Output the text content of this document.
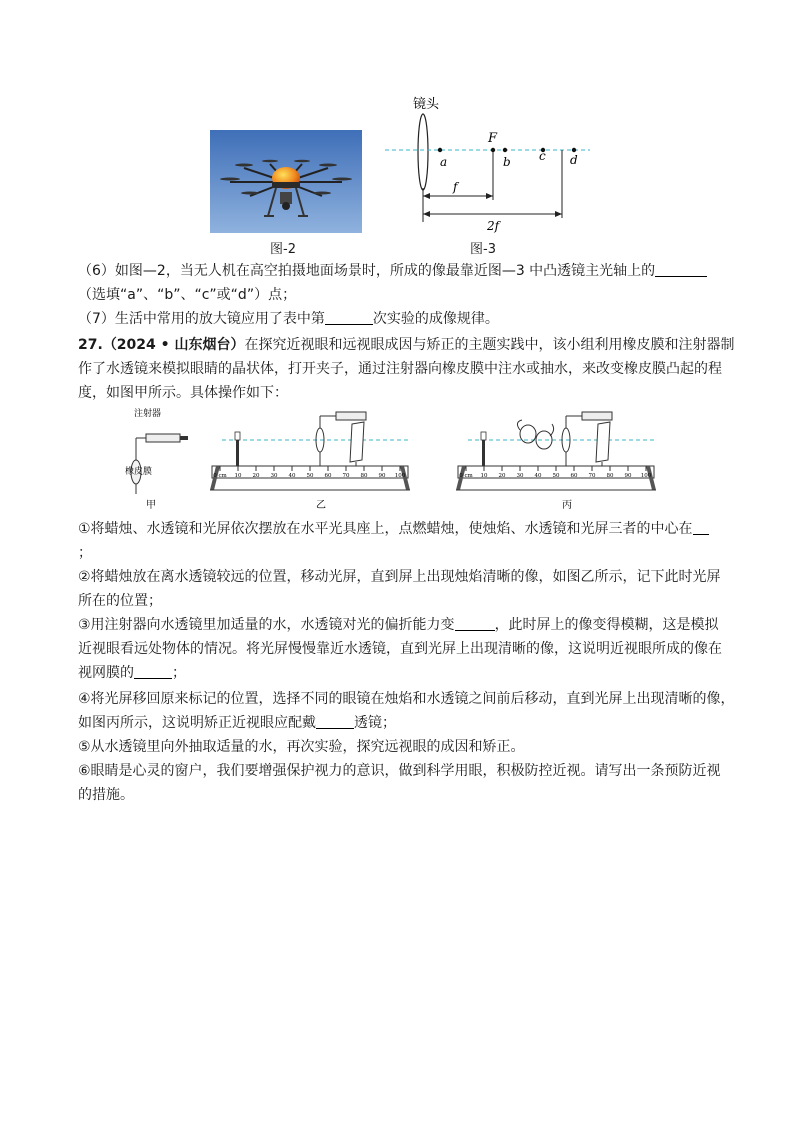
图-2
镜头
F
a	b c d
f
2f
图-3
（6）如图—2，当无人机在高空拍摄地面场景时，所成的像最靠近图—3 中凸透镜主光轴上的
（选填“a”、“b”、“c”或“d”）点；
（7）生活中常用的放大镜应用了表中第	次实验的成像规律。
27.（2024 • 山东烟台）在探究近视眼和远视眼成因与矫正的主题实践中，该小组利用橡皮膜和注射器制
作了水透镜来模拟眼睛的晶状体，打开夹子，通过注射器向橡皮膜中注水或抽水，来改变橡皮膜凸起的程
度，如图甲所示。具体操作如下：
注射器
橡皮膜
甲	乙	丙
0 cm 10 20 30 40 50 60 70 80 90 100	0 cm 10 20 30 40 50 60 70 80 90 100
①将蜡烛、水透镜和光屏依次摆放在水平光具座上，点燃蜡烛，使烛焰、水透镜和光屏三者的中心在
；
②将蜡烛放在离水透镜较远的位置，移动光屏，直到屏上出现烛焰清晰的像，如图乙所示，记下此时光屏
所在的位置；
③用注射器向水透镜里加适量的水，水透镜对光的偏折能力变	，此时屏上的像变得模糊，这是模拟
近视眼看远处物体的情况。将光屏慢慢靠近水透镜，直到光屏上出现清晰的像，这说明近视眼所成的像在
视网膜的	；
④将光屏移回原来标记的位置，选择不同的眼镜在烛焰和水透镜之间前后移动，直到光屏上出现清晰的像，
如图丙所示，这说明矫正近视眼应配戴	透镜；
⑤从水透镜里向外抽取适量的水，再次实验，探究远视眼的成因和矫正。
⑥眼睛是心灵的窗户，我们要增强保护视力的意识，做到科学用眼，积极防控近视。请写出一条预防近视
的措施。
